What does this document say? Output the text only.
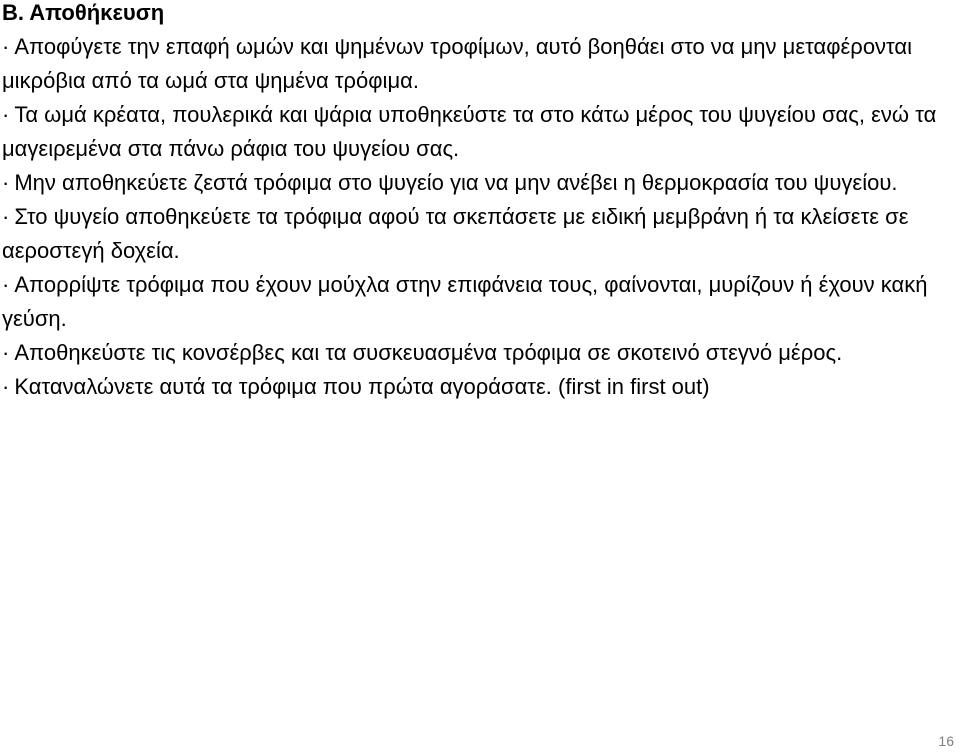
Β. Αποθήκευση
· Αποφύγετε την επαφή ωμών και ψημένων τροφίμων, αυτό βοηθάει στο να μην μεταφέρονται μικρόβια από τα ωμά στα ψημένα τρόφιμα.
· Τα ωμά κρέατα, πουλερικά και ψάρια υποθηκεύστε τα στο κάτω μέρος του ψυγείου σας, ενώ τα μαγειρεμένα στα πάνω ράφια του ψυγείου σας.
· Μην αποθηκεύετε ζεστά τρόφιμα στο ψυγείο για να μην ανέβει η θερμοκρασία του ψυγείου.
· Στο ψυγείο αποθηκεύετε τα τρόφιμα αφού τα σκεπάσετε με ειδική μεμβράνη ή τα κλείσετε σε αεροστεγή δοχεία.
· Απορρίψτε τρόφιμα που έχουν μούχλα στην επιφάνεια τους, φαίνονται, μυρίζουν ή έχουν κακή γεύση.
· Αποθηκεύστε τις κονσέρβες και τα συσκευασμένα τρόφιμα σε σκοτεινό στεγνό μέρος.
· Καταναλώνετε αυτά τα τρόφιμα που πρώτα αγοράσατε. (first in first out)
16
